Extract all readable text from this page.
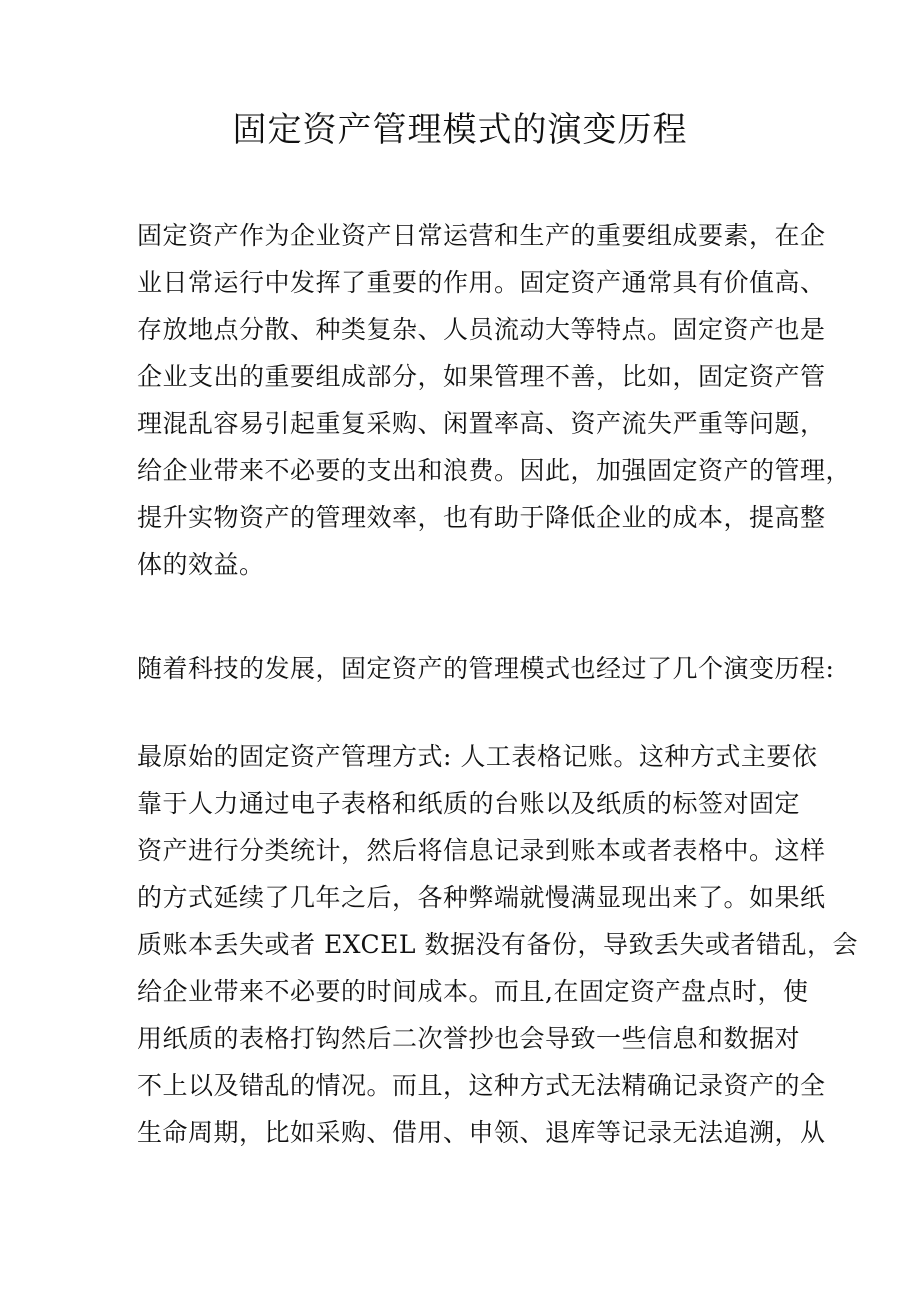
固定资产管理模式的演变历程

固定资产作为企业资产日常运营和生产的重要组成要素，在企
业日常运行中发挥了重要的作用。固定资产通常具有价值高、
存放地点分散、种类复杂、人员流动大等特点。固定资产也是
企业支出的重要组成部分，如果管理不善，比如，固定资产管
理混乱容易引起重复采购、闲置率高、资产流失严重等问题，
给企业带来不必要的支出和浪费。因此，加强固定资产的管理，
提升实物资产的管理效率，也有助于降低企业的成本，提高整
体的效益。

随着科技的发展，固定资产的管理模式也经过了几个演变历程:

最原始的固定资产管理方式: 人工表格记账。这种方式主要依
靠于人力通过电子表格和纸质的台账以及纸质的标签对固定
资产进行分类统计，然后将信息记录到账本或者表格中。这样
的方式延续了几年之后，各种弊端就慢满显现出来了。如果纸
质账本丢失或者 EXCEL 数据没有备份，导致丢失或者错乱，会
给企业带来不必要的时间成本。而且,在固定资产盘点时，使
用纸质的表格打钩然后二次誉抄也会导致一些信息和数据对
不上以及错乱的情况。而且，这种方式无法精确记录资产的全
生命周期，比如采购、借用、申领、退库等记录无法追溯，从
